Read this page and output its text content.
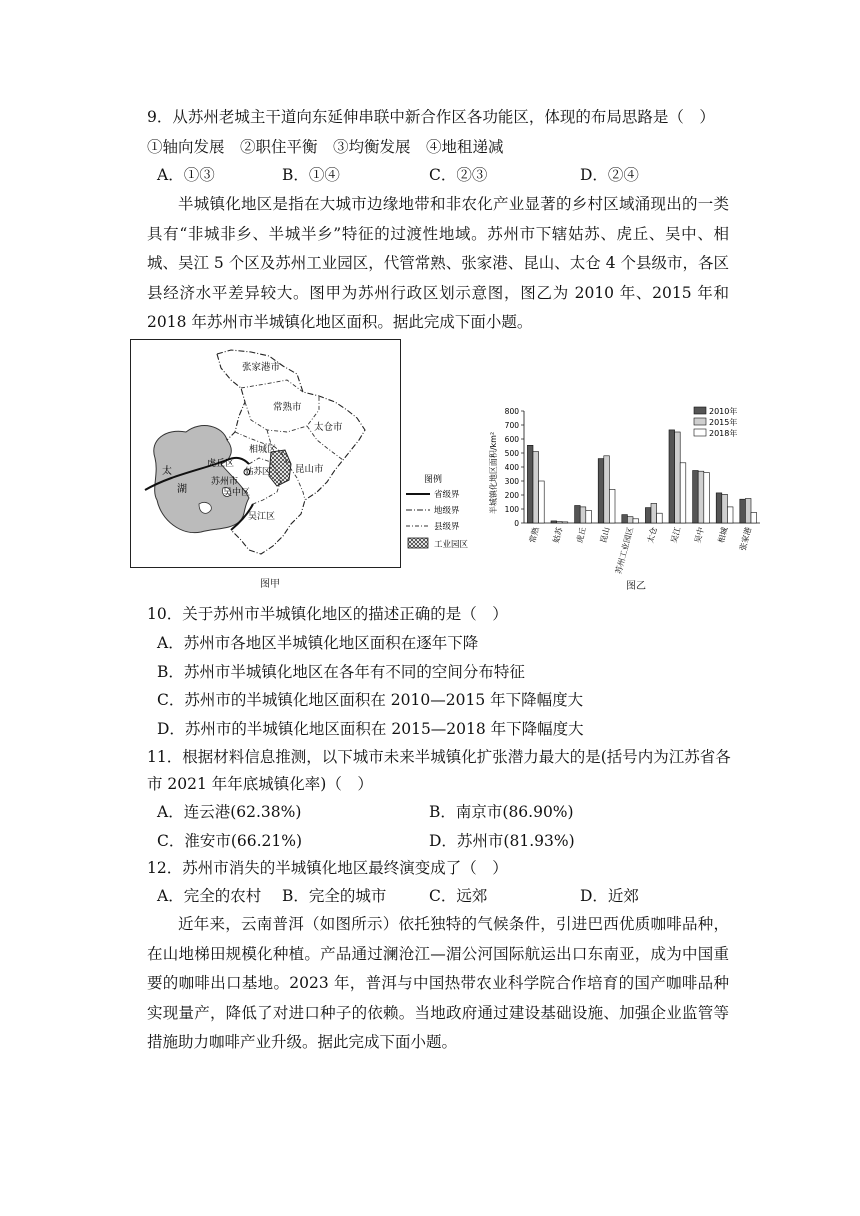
9．从苏州老城主干道向东延伸串联中新合作区各功能区，体现的布局思路是（　）
①轴向发展　②职住平衡　③均衡发展　④地租递减
A．①③	B．①④	C．②③	D．②④

半城镇化地区是指在大城市边缘地带和非农化产业显著的乡村区域涌现出的一类具有“非城非乡、半城半乡”特征的过渡性地域。苏州市下辖姑苏、虎丘、吴中、相城、吴江 5 个区及苏州工业园区，代管常熟、张家港、昆山、太仓 4 个县级市，各区县经济水平差异较大。图甲为苏州行政区划示意图，图乙为 2010 年、2015 年和 2018 年苏州市半城镇化地区面积。据此完成下面小题。

张家港市
常熟市
太仓市
相城区
虎丘区
姑苏区
苏州市
吴中区
昆山市
吴江区
太
湖
图例
省级界
地级界
县级界
工业园区
图甲
半城镇化地区面积/km²
0
100
200
300
400
500
600
700
800
常熟 姑苏 虎丘 昆山 苏州工业园区 太仓 吴江 吴中 相城 张家港
2010年
2015年
2018年
图乙
10．关于苏州市半城镇化地区的描述正确的是（　）
A．苏州市各地区半城镇化地区面积在逐年下降
B．苏州市半城镇化地区在各年有不同的空间分布特征
C．苏州市的半城镇化地区面积在 2010—2015 年下降幅度大
D．苏州市的半城镇化地区面积在 2015—2018 年下降幅度大
11．根据材料信息推测，以下城市未来半城镇化扩张潜力最大的是(括号内为江苏省各
市 2021 年年底城镇化率)（　）
A．连云港(62.38%)	B．南京市(86.90%)
C．淮安市(66.21%)	D．苏州市(81.93%)
12．苏州市消失的半城镇化地区最终演变成了（　）
A．完全的农村 B．完全的城市	C．远郊	D．近郊
近年来，云南普洱（如图所示）依托独特的气候条件，引进巴西优质咖啡品种，在山地梯田规模化种植。产品通过澜沧江—湄公河国际航运出口东南亚，成为中国重要的咖啡出口基地。2023 年，普洱与中国热带农业科学院合作培育的国产咖啡品种实现量产，降低了对进口种子的依赖。当地政府通过建设基础设施、加强企业监管等措施助力咖啡产业升级。据此完成下面小题。
